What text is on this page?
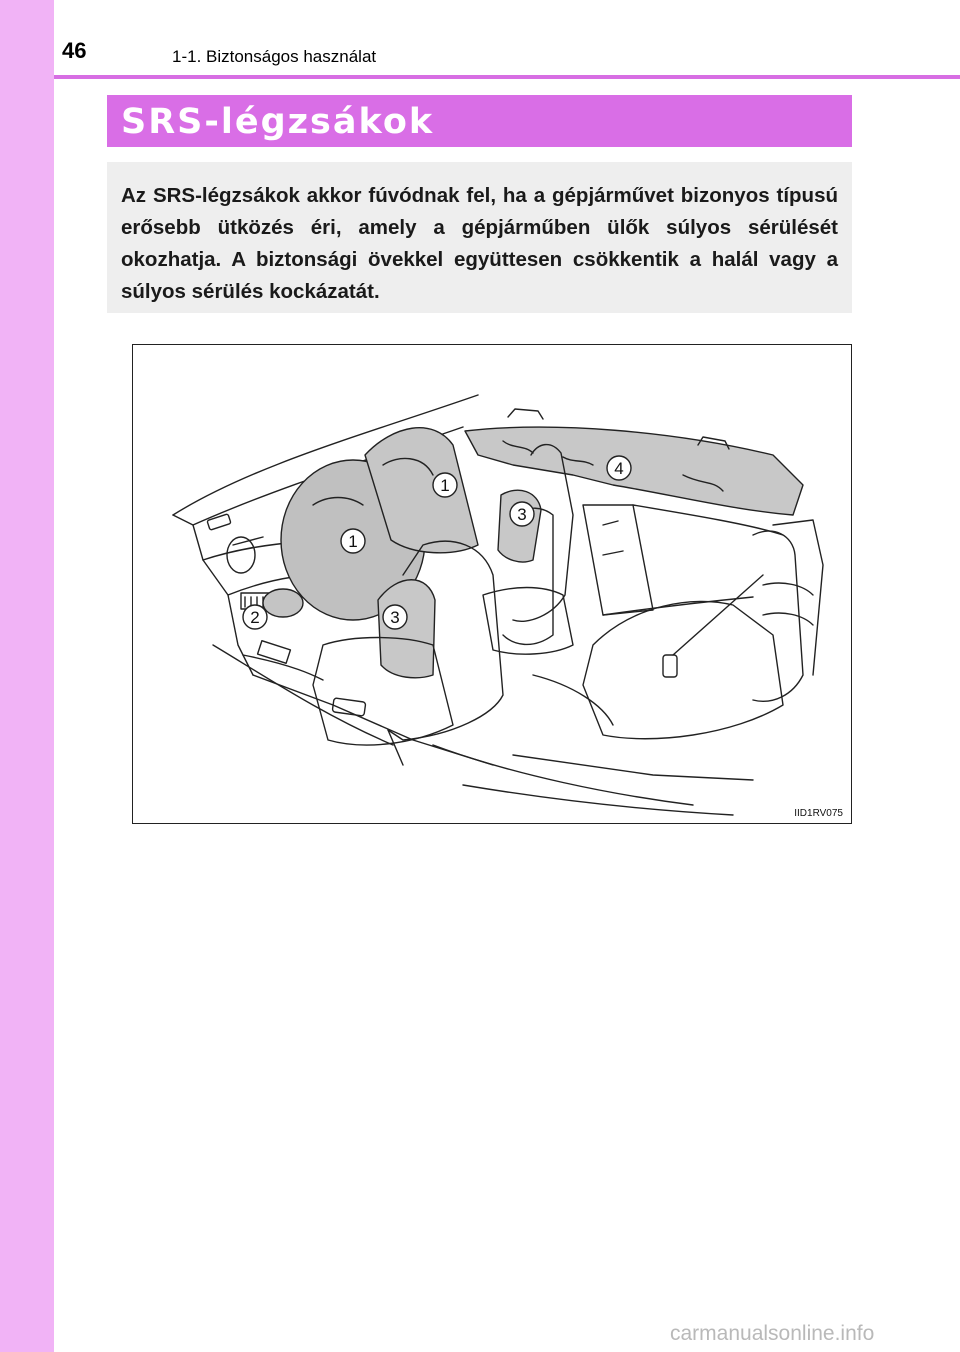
46	1-1. Biztonságos használat
SRS-légzsákok

Az SRS-légzsákok akkor fúvódnak fel, ha a gépjárművet bizonyos típusú erősebb ütközés éri, amely a gépjárműben ülők súlyos sérülését okozhatja. A biztonsági övekkel együttesen csökkentik a halál vagy a súlyos sérülés kockázatát.

1
1
2	3
3
4
IID1RV075
carmanualsonline.info
